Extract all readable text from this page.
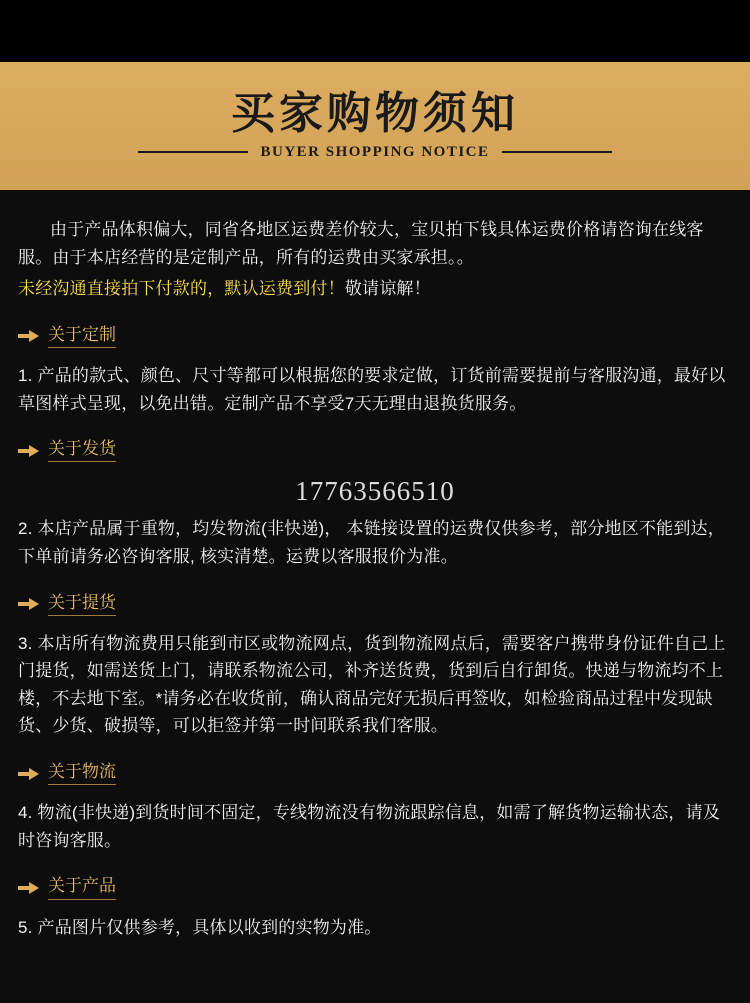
买家购物须知
BUYER SHOPPING NOTICE

由于产品体积偏大，同省各地区运费差价较大，宝贝拍下钱具体运费价格请咨询在线客服。由于本店经营的是定制产品，所有的运费由买家承担。。

未经沟通直接拍下付款的，默认运费到付！敬请谅解！

关于定制

1. 产品的款式、颜色、尺寸等都可以根据您的要求定做，订货前需要提前与客服沟通，最好以草图样式呈现，以免出错。定制产品不享受7天无理由退换货服务。

关于发货
17763566510

2. 本店产品属于重物，均发物流(非快递)， 本链接设置的运费仅供参考，部分地区不能到达，下单前请务必咨询客服, 核实清楚。运费以客服报价为准。

关于提货

3. 本店所有物流费用只能到市区或物流网点，货到物流网点后，需要客户携带身份证件自己上门提货，如需送货上门，请联系物流公司，补齐送货费，货到后自行卸货。快递与物流均不上楼，不去地下室。*请务必在收货前，确认商品完好无损后再签收，如检验商品过程中发现缺货、少货、破损等，可以拒签并第一时间联系我们客服。

关于物流

4. 物流(非快递)到货时间不固定，专线物流没有物流跟踪信息，如需了解货物运输状态，请及时咨询客服。

关于产品

5. 产品图片仅供参考，具体以收到的实物为准。
